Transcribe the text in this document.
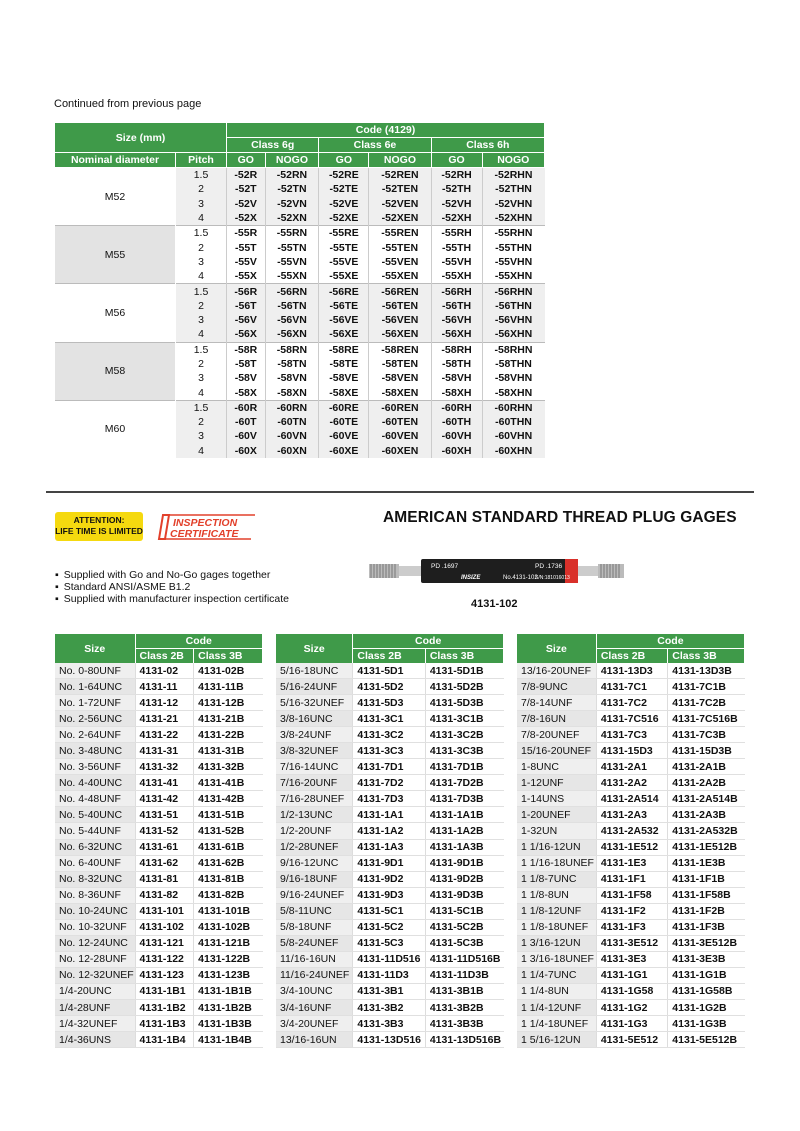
Continued from previous page
Size (mm)		Code (4129)					
		Class 6g		Class 6e		Class 6h	
Nominal diameter	Pitch	GO	NOGO	GO	NOGO	GO	NOGO
M52	1.5	-52R	-52RN	-52RE	-52REN	-52RH	-52RHN
	2	-52T	-52TN	-52TE	-52TEN	-52TH	-52THN
	3	-52V	-52VN	-52VE	-52VEN	-52VH	-52VHN
	4	-52X	-52XN	-52XE	-52XEN	-52XH	-52XHN
M55	1.5	-55R	-55RN	-55RE	-55REN	-55RH	-55RHN
	2	-55T	-55TN	-55TE	-55TEN	-55TH	-55THN
	3	-55V	-55VN	-55VE	-55VEN	-55VH	-55VHN
	4	-55X	-55XN	-55XE	-55XEN	-55XH	-55XHN
M56	1.5	-56R	-56RN	-56RE	-56REN	-56RH	-56RHN
	2	-56T	-56TN	-56TE	-56TEN	-56TH	-56THN
	3	-56V	-56VN	-56VE	-56VEN	-56VH	-56VHN
	4	-56X	-56XN	-56XE	-56XEN	-56XH	-56XHN
M58	1.5	-58R	-58RN	-58RE	-58REN	-58RH	-58RHN
	2	-58T	-58TN	-58TE	-58TEN	-58TH	-58THN
	3	-58V	-58VN	-58VE	-58VEN	-58VH	-58VHN
	4	-58X	-58XN	-58XE	-58XEN	-58XH	-58XHN
M60	1.5	-60R	-60RN	-60RE	-60REN	-60RH	-60RHN
	2	-60T	-60TN	-60TE	-60TEN	-60TH	-60THN
	3	-60V	-60VN	-60VE	-60VEN	-60VH	-60VHN
	4	-60X	-60XN	-60XE	-60XEN	-60XH	-60XHN
ATTENTION:
LIFE TIME IS LIMITED
INSPECTION
CERTIFICATE
AMERICAN STANDARD THREAD PLUG GAGES
▪ Supplied with Go and No-Go gages together
▪ Standard ANSI/ASME B1.2
▪ Supplied with manufacturer inspection certificate
PD .1697	PD .1736
INSIZE	No.4131-102
S/N:181016013
4131-102
Size	Code	
	Class 2B	Class 3B
No. 0-80UNF	4131-02	4131-02B
No. 1-64UNC	4131-11	4131-11B
No. 1-72UNF	4131-12	4131-12B
No. 2-56UNC	4131-21	4131-21B
No. 2-64UNF	4131-22	4131-22B
No. 3-48UNC	4131-31	4131-31B
No. 3-56UNF	4131-32	4131-32B
No. 4-40UNC	4131-41	4131-41B
No. 4-48UNF	4131-42	4131-42B
No. 5-40UNC	4131-51	4131-51B
No. 5-44UNF	4131-52	4131-52B
No. 6-32UNC	4131-61	4131-61B
No. 6-40UNF	4131-62	4131-62B
No. 8-32UNC	4131-81	4131-81B
No. 8-36UNF	4131-82	4131-82B
No. 10-24UNC	4131-101	4131-101B
No. 10-32UNF	4131-102	4131-102B
No. 12-24UNC	4131-121	4131-121B
No. 12-28UNF	4131-122	4131-122B
No. 12-32UNEF	4131-123	4131-123B
1/4-20UNC	4131-1B1	4131-1B1B
1/4-28UNF	4131-1B2	4131-1B2B
1/4-32UNEF	4131-1B3	4131-1B3B
1/4-36UNS	4131-1B4	4131-1B4B
Size	Code	
	Class 2B	Class 3B
5/16-18UNC	4131-5D1	4131-5D1B
5/16-24UNF	4131-5D2	4131-5D2B
5/16-32UNEF	4131-5D3	4131-5D3B
3/8-16UNC	4131-3C1	4131-3C1B
3/8-24UNF	4131-3C2	4131-3C2B
3/8-32UNEF	4131-3C3	4131-3C3B
7/16-14UNC	4131-7D1	4131-7D1B
7/16-20UNF	4131-7D2	4131-7D2B
7/16-28UNEF	4131-7D3	4131-7D3B
1/2-13UNC	4131-1A1	4131-1A1B
1/2-20UNF	4131-1A2	4131-1A2B
1/2-28UNEF	4131-1A3	4131-1A3B
9/16-12UNC	4131-9D1	4131-9D1B
9/16-18UNF	4131-9D2	4131-9D2B
9/16-24UNEF	4131-9D3	4131-9D3B
5/8-11UNC	4131-5C1	4131-5C1B
5/8-18UNF	4131-5C2	4131-5C2B
5/8-24UNEF	4131-5C3	4131-5C3B
11/16-16UN	4131-11D516	4131-11D516B
11/16-24UNEF	4131-11D3	4131-11D3B
3/4-10UNC	4131-3B1	4131-3B1B
3/4-16UNF	4131-3B2	4131-3B2B
3/4-20UNEF	4131-3B3	4131-3B3B
13/16-16UN	4131-13D516	4131-13D516B
Size	Code	
	Class 2B	Class 3B
13/16-20UNEF	4131-13D3	4131-13D3B
7/8-9UNC	4131-7C1	4131-7C1B
7/8-14UNF	4131-7C2	4131-7C2B
7/8-16UN	4131-7C516	4131-7C516B
7/8-20UNEF	4131-7C3	4131-7C3B
15/16-20UNEF	4131-15D3	4131-15D3B
1-8UNC	4131-2A1	4131-2A1B
1-12UNF	4131-2A2	4131-2A2B
1-14UNS	4131-2A514	4131-2A514B
1-20UNEF	4131-2A3	4131-2A3B
1-32UN	4131-2A532	4131-2A532B
1 1/16-12UN	4131-1E512	4131-1E512B
1 1/16-18UNEF	4131-1E3	4131-1E3B
1 1/8-7UNC	4131-1F1	4131-1F1B
1 1/8-8UN	4131-1F58	4131-1F58B
1 1/8-12UNF	4131-1F2	4131-1F2B
1 1/8-18UNEF	4131-1F3	4131-1F3B
1 3/16-12UN	4131-3E512	4131-3E512B
1 3/16-18UNEF	4131-3E3	4131-3E3B
1 1/4-7UNC	4131-1G1	4131-1G1B
1 1/4-8UN	4131-1G58	4131-1G58B
1 1/4-12UNF	4131-1G2	4131-1G2B
1 1/4-18UNEF	4131-1G3	4131-1G3B
1 5/16-12UN	4131-5E512	4131-5E512B
